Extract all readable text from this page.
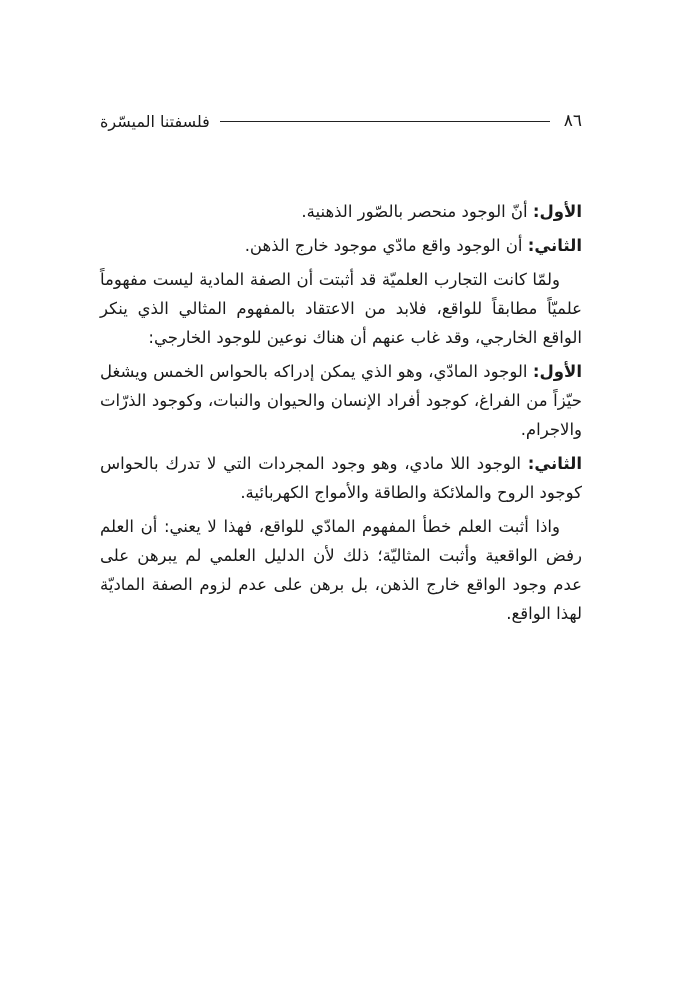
٨٦
فلسفتنا الميسّرة

الأول: أنّ الوجود منحصر بالصّور الذهنية.

الثاني: أن الوجود واقع مادّي موجود خارج الذهن.

ولمّا كانت التجارب العلميّة قد أثبتت أن الصفة المادية ليست مفهوماً علميّاً مطابقاً للواقع، فلابد من الاعتقاد بالمفهوم المثالي الذي ينكر الواقع الخارجي، وقد غاب عنهم أن هناك نوعين للوجود الخارجي:

الأول: الوجود المادّي، وهو الذي يمكن إدراكه بالحواس الخمس ويشغل حيّزاً من الفراغ، كوجود أفراد الإنسان والحيوان والنبات، وكوجود الذرّات والاجرام.

الثاني: الوجود اللا مادي، وهو وجود المجردات التي لا تدرك بالحواس كوجود الروح والملائكة والطاقة والأمواج الكهربائية.

واذا أثبت العلم خطأ المفهوم المادّي للواقع، فهذا لا يعني: أن العلم رفض الواقعية وأثبت المثاليّة؛ ذلك لأن الدليل العلمي لم يبرهن على عدم وجود الواقع خارج الذهن، بل برهن على عدم لزوم الصفة الماديّة لهذا الواقع.
